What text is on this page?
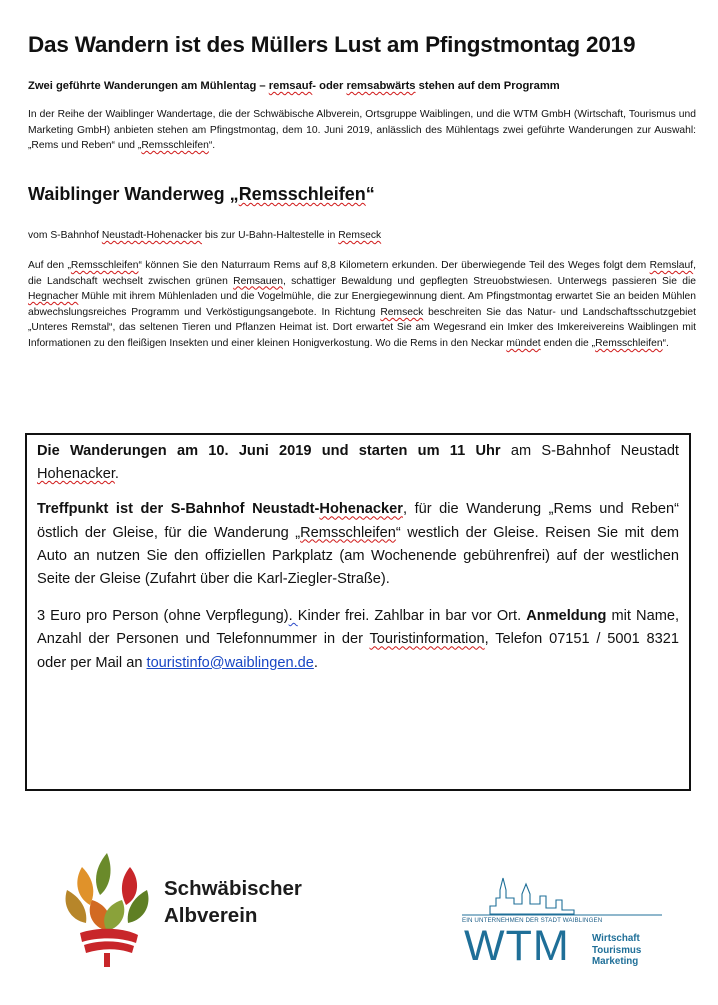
Das Wandern ist des Müllers Lust am Pfingstmontag 2019

Zwei geführte Wanderungen am Mühlentag – remsauf- oder remsabwärts stehen auf dem Programm

In der Reihe der Waiblinger Wandertage, die der Schwäbische Albverein, Ortsgruppe Waiblingen, und die WTM GmbH (Wirtschaft, Tourismus und Marketing GmbH) anbieten stehen am Pfingstmontag, dem 10. Juni 2019, anlässlich des Mühlentags zwei geführte Wanderungen zur Auswahl: „Rems und Reben“ und „Remsschleifen“.

Waiblinger Wanderweg „Remsschleifen“

vom S-Bahnhof Neustadt-Hohenacker bis zur U-Bahn-Haltestelle in Remseck

Auf den „Remsschleifen“ können Sie den Naturraum Rems auf 8,8 Kilometern erkunden. Der überwiegende Teil des Weges folgt dem Remslauf, die Landschaft wechselt zwischen grünen Remsauen, schattiger Bewaldung und gepflegten Streuobstwiesen. Unterwegs passieren Sie die Hegnacher Mühle mit ihrem Mühlenladen und die Vogelmühle, die zur Energiegewinnung dient. Am Pfingstmontag erwartet Sie an beiden Mühlen abwechslungsreiches Programm und Verköstigungsangebote. In Richtung Remseck beschreiten Sie das Natur- und Landschaftsschutzgebiet „Unteres Remstal“, das seltenen Tieren und Pflanzen Heimat ist. Dort erwartet Sie am Wegesrand ein Imker des Imkereivereins Waiblingen mit Informationen zu den fleißigen Insekten und einer kleinen Honigverkostung. Wo die Rems in den Neckar mündet enden die „Remsschleifen“.

Die Wanderungen am 10. Juni 2019 und starten um 11 Uhr am S-Bahnhof Neustadt Hohenacker.

Treffpunkt ist der S-Bahnhof Neustadt-Hohenacker, für die Wanderung „Rems und Reben“ östlich der Gleise, für die Wanderung „Remsschleifen“ westlich der Gleise. Reisen Sie mit dem Auto an nutzen Sie den offiziellen Parkplatz (am Wochenende gebührenfrei) auf der westlichen Seite der Gleise (Zufahrt über die Karl-Ziegler-Straße).

3 Euro pro Person (ohne Verpflegung). Kinder frei. Zahlbar in bar vor Ort. Anmeldung mit Name, Anzahl der Personen und Telefonnummer in der Touristinformation, Telefon 07151 / 5001 8321 oder per Mail an touristinfo@waiblingen.de.

Schwäbischer
Albverein	EIN UNTERNEHMEN DER STADT WAIBLINGEN

WTM Wirtschaft
Tourismus
Marketing
